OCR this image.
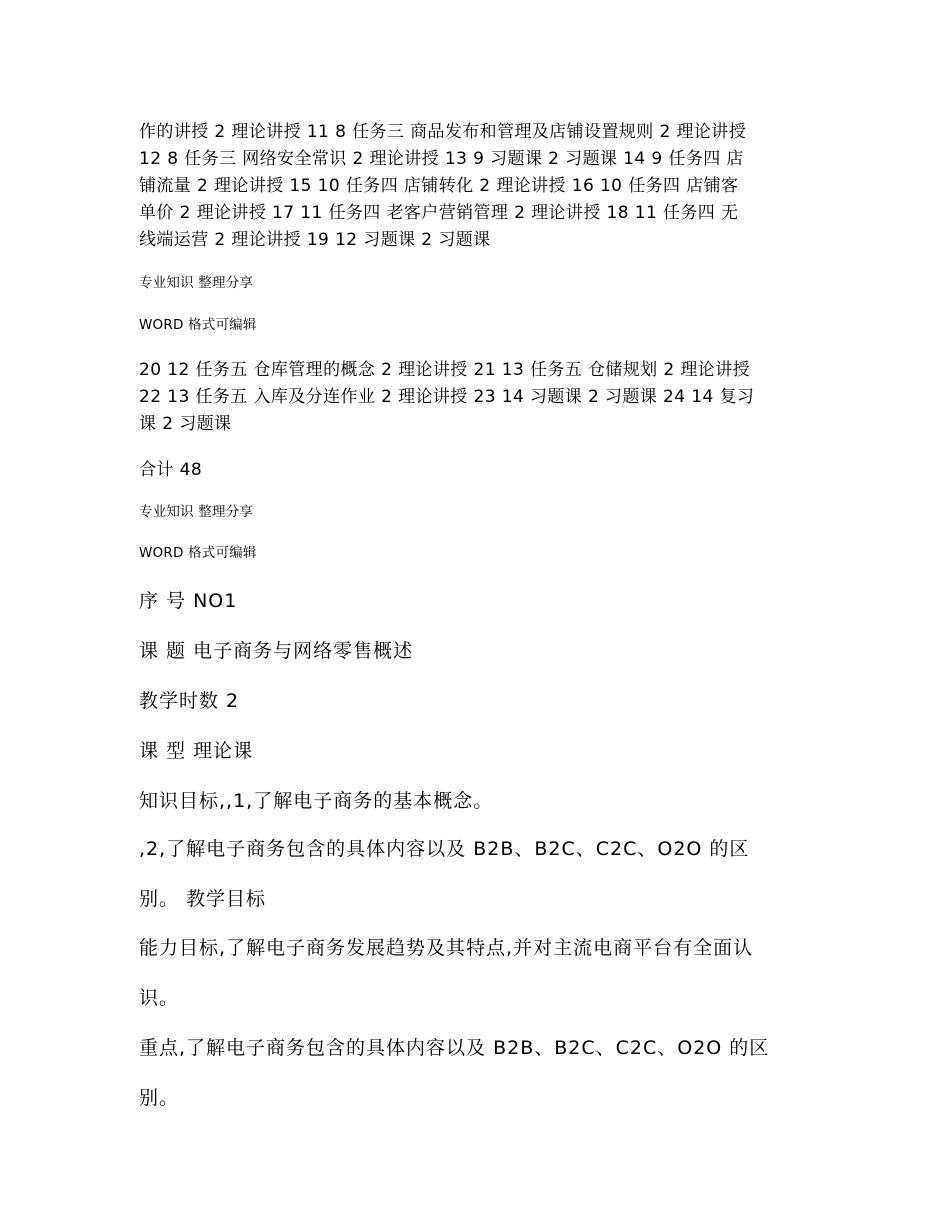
作的讲授 2 理论讲授 11 8 任务三 商品发布和管理及店铺设置规则 2 理论讲授

12 8 任务三 网络安全常识 2 理论讲授 13 9 习题课 2 习题课 14 9 任务四 店

铺流量 2 理论讲授 15 10 任务四 店铺转化 2 理论讲授 16 10 任务四 店铺客

单价 2 理论讲授 17 11 任务四 老客户营销管理 2 理论讲授 18 11 任务四 无

线端运营 2 理论讲授 19 12 习题课 2 习题课

专业知识 整理分享

WORD 格式可编辑

20 12 任务五 仓库管理的概念 2 理论讲授 21 13 任务五 仓储规划 2 理论讲授

22 13 任务五 入库及分连作业 2 理论讲授 23 14 习题课 2 习题课 24 14 复习

课 2 习题课

合计 48

专业知识 整理分享

WORD 格式可编辑

序 号 NO1

课 题 电子商务与网络零售概述

教学时数 2

课 型 理论课

知识目标,,1,了解电子商务的基本概念。

,2,了解电子商务包含的具体内容以及 B2B、B2C、C2C、O2O 的区

别。 教学目标

能力目标,了解电子商务发展趋势及其特点,并对主流电商平台有全面认

识。

重点,了解电子商务包含的具体内容以及 B2B、B2C、C2C、O2O 的区

别。
